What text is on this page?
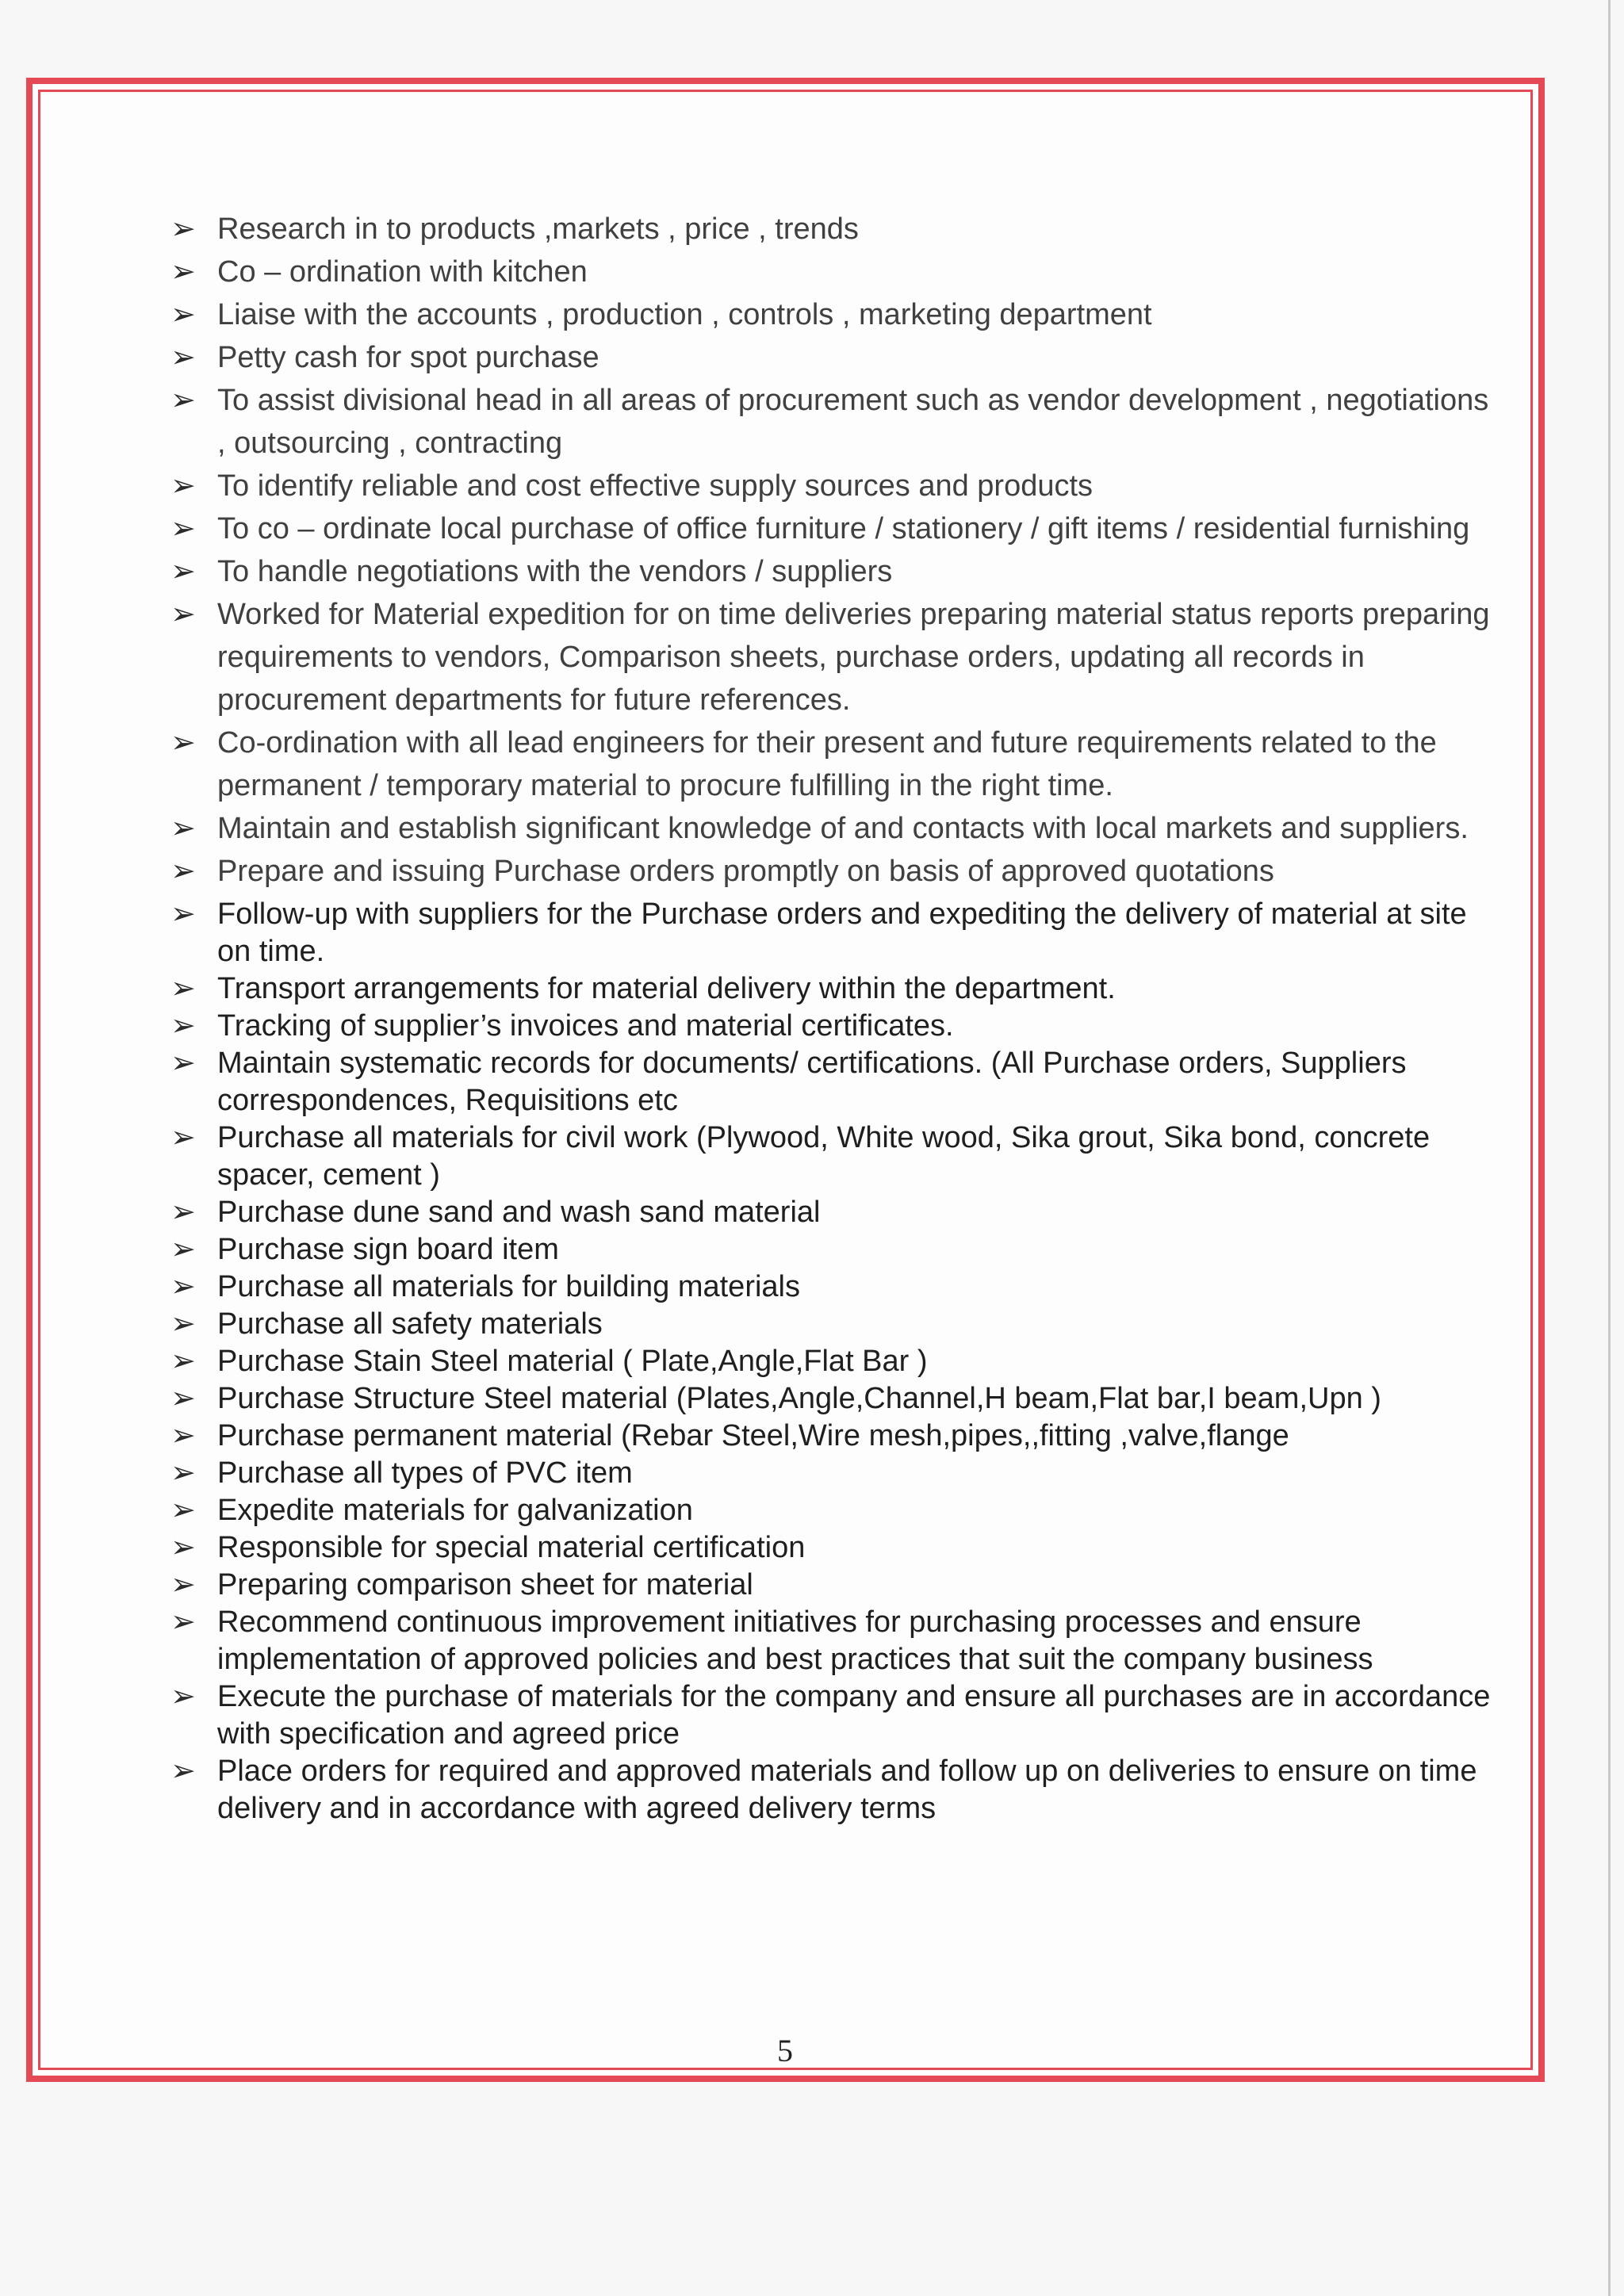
➢ Research in to products ,markets , price , trends
➢ Co – ordination with kitchen
➢ Liaise with the accounts , production , controls , marketing department
➢ Petty cash for spot purchase
➢ To assist divisional head in all areas of procurement such as vendor development , negotiations , outsourcing , contracting
➢ To identify reliable and cost effective supply sources and products
➢ To co – ordinate local purchase of office furniture / stationery / gift items / residential furnishing
➢ To handle negotiations with the vendors / suppliers
➢ Worked for Material expedition for on time deliveries preparing material status reports preparing requirements to vendors, Comparison sheets, purchase orders, updating all records in procurement departments for future references.
➢ Co-ordination with all lead engineers for their present and future requirements related to the permanent / temporary material to procure fulfilling in the right time.
➢ Maintain and establish significant knowledge of and contacts with local markets and suppliers.
➢ Prepare and issuing Purchase orders promptly on basis of approved quotations
➢ Follow-up with suppliers for the Purchase orders and expediting the delivery of material at site on time.
➢ Transport arrangements for material delivery within the department.
➢ Tracking of supplier’s invoices and material certificates.
➢ Maintain systematic records for documents/ certifications. (All Purchase orders, Suppliers correspondences, Requisitions etc
➢ Purchase all materials for civil work (Plywood, White wood, Sika grout, Sika bond, concrete spacer, cement )
➢ Purchase dune sand and wash sand material
➢ Purchase sign board item
➢ Purchase all materials for building materials
➢ Purchase all safety materials
➢ Purchase Stain Steel material ( Plate,Angle,Flat Bar )
➢ Purchase Structure Steel material (Plates,Angle,Channel,H beam,Flat bar,I beam,Upn )
➢ Purchase permanent material (Rebar Steel,Wire mesh,pipes,,fitting ,valve,flange
➢ Purchase all types of PVC item
➢ Expedite materials for galvanization
➢ Responsible for special material certification
➢ Preparing comparison sheet for material
➢ Recommend continuous improvement initiatives for purchasing processes and ensure implementation of approved policies and best practices that suit the company business
➢ Execute the purchase of materials for the company and ensure all purchases are in accordance with specification and agreed price
➢ Place orders for required and approved materials and follow up on deliveries to ensure on time delivery and in accordance with agreed delivery terms
5
